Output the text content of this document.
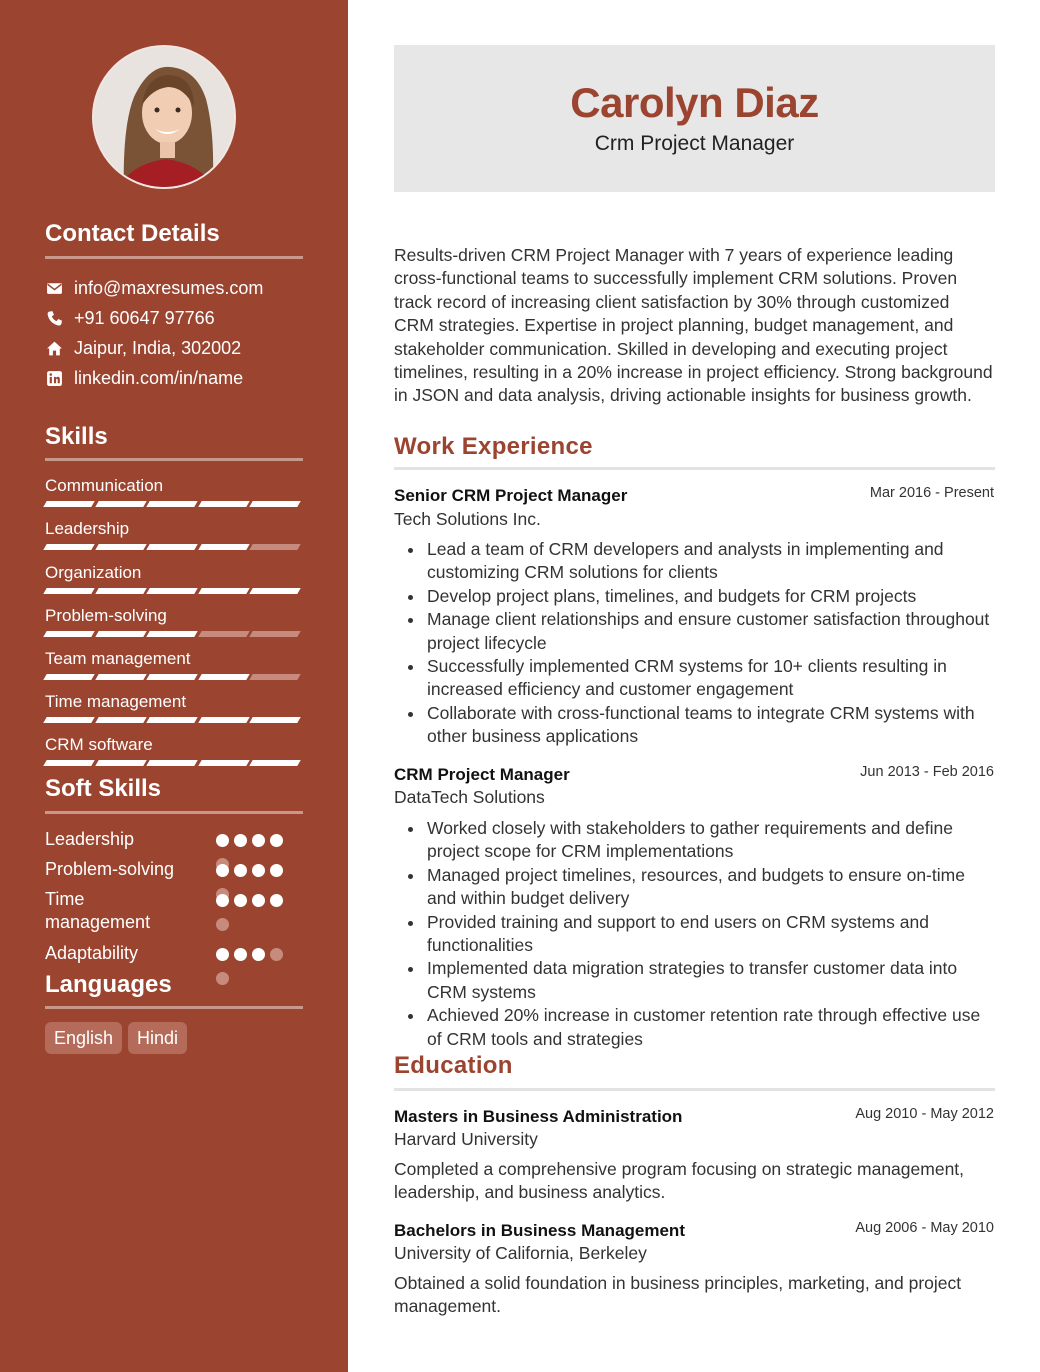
Contact Details
info@maxresumes.com
+91 60647 97766
Jaipur, India, 302002
linkedin.com/in/name
Skills
Communication
Leadership
Organization
Problem-solving
Team management
Time management
CRM software
Soft Skills
Leadership
Problem-solving
Time management
Adaptability
Languages
English	Hindi
Carolyn Diaz
Crm Project Manager

Results-driven CRM Project Manager with 7 years of experience leading cross-functional teams to successfully implement CRM solutions. Proven track record of increasing client satisfaction by 30% through customized CRM strategies. Expertise in project planning, budget management, and stakeholder communication. Skilled in developing and executing project timelines, resulting in a 20% increase in project efficiency. Strong background in JSON and data analysis, driving actionable insights for business growth.

Work Experience
Senior CRM Project Manager	Mar 2016 - Present
Tech Solutions Inc.
Lead a team of CRM developers and analysts in implementing and customizing CRM solutions for clients
Develop project plans, timelines, and budgets for CRM projects
Manage client relationships and ensure customer satisfaction throughout project lifecycle
Successfully implemented CRM systems for 10+ clients resulting in increased efficiency and customer engagement
Collaborate with cross-functional teams to integrate CRM systems with other business applications
CRM Project Manager	Jun 2013 - Feb 2016
DataTech Solutions
Worked closely with stakeholders to gather requirements and define project scope for CRM implementations
Managed project timelines, resources, and budgets to ensure on-time and within budget delivery
Provided training and support to end users on CRM systems and functionalities
Implemented data migration strategies to transfer customer data into CRM systems
Achieved 20% increase in customer retention rate through effective use of CRM tools and strategies
Education
Masters in Business Administration	Aug 2010 - May 2012
Harvard University

Completed a comprehensive program focusing on strategic management, leadership, and business analytics.

Bachelors in Business Management	Aug 2006 - May 2010
University of California, Berkeley

Obtained a solid foundation in business principles, marketing, and project management.
